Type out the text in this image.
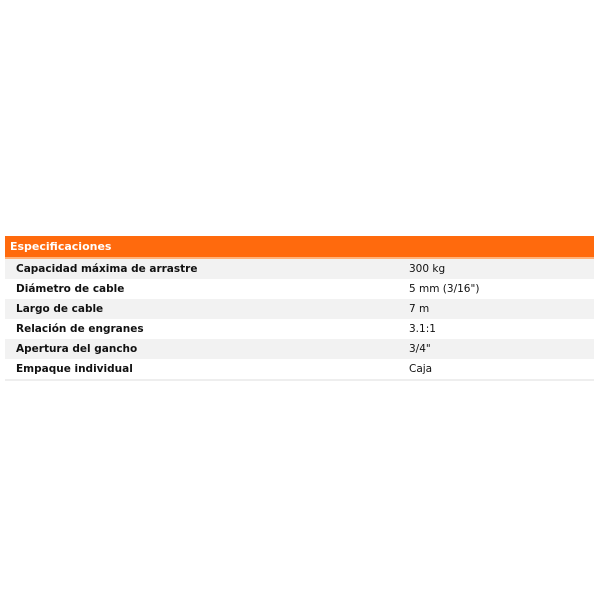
Especificaciones
Capacidad máxima de arrastre	300 kg
Diámetro de cable	5 mm (3/16")
Largo de cable	7 m
Relación de engranes	3.1:1
Apertura del gancho	3/4"
Empaque individual	Caja
